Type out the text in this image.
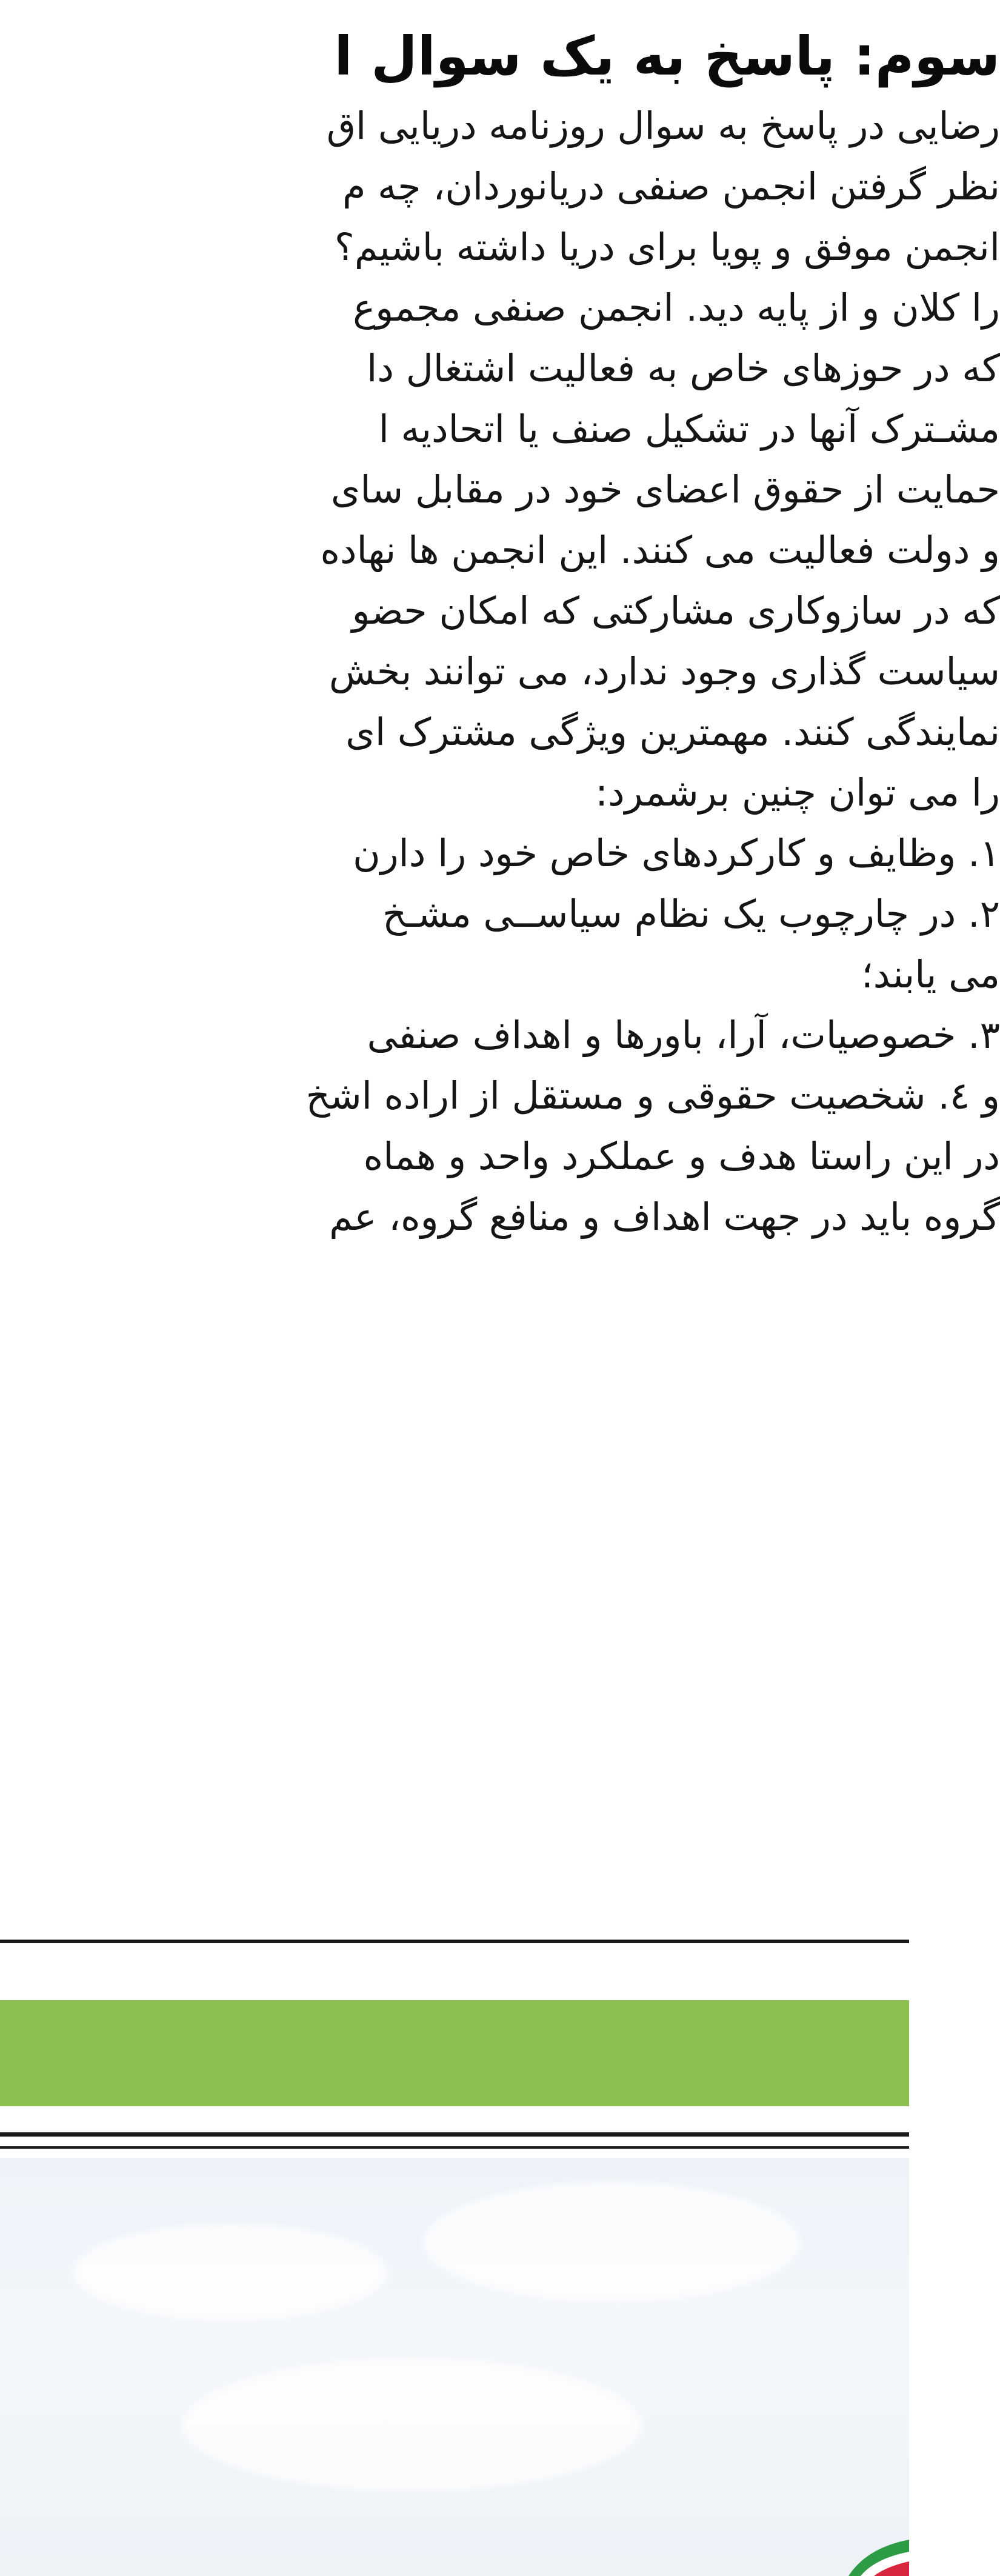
سوم: پاسخ به یک سوال ا
رضایی در پاسخ به سوال روزنامه دریایی اق
نظر گرفتن انجمن صنفی دریانوردان، چه م
انجمن موفق و پویا برای دریا داشته باشیم؟
را کلان و از پایه دید. انجمن صنفی مجموع
که در حوزهای خاص به فعالیت اشتغال دا
مشـترک آنها در تشکیل صنف یا اتحادیه ا
حمایت از حقوق اعضای خود در مقابل سای
و دولت فعالیت می کنند. این انجمن ها نهاده
که در سازوکاری مشارکتی که امکان حضو
سیاست گذاری وجود ندارد، می توانند بخش
نمایندگی کنند. مهمترین ویژگی مشترک ای
را می توان چنین برشمرد:
۱. وظایف و کارکردهای خاص خود را دارن
۲. در چارچوب یک نظام سیاســی مشـخ
می یابند؛
۳. خصوصیات، آرا، باورها و اهداف صنفی
و ٤. شخصیت حقوقی و مستقل از اراده اشخ
در این راستا هدف و عملکرد واحد و هماه
گروه باید در جهت اهداف و منافع گروه، عم
